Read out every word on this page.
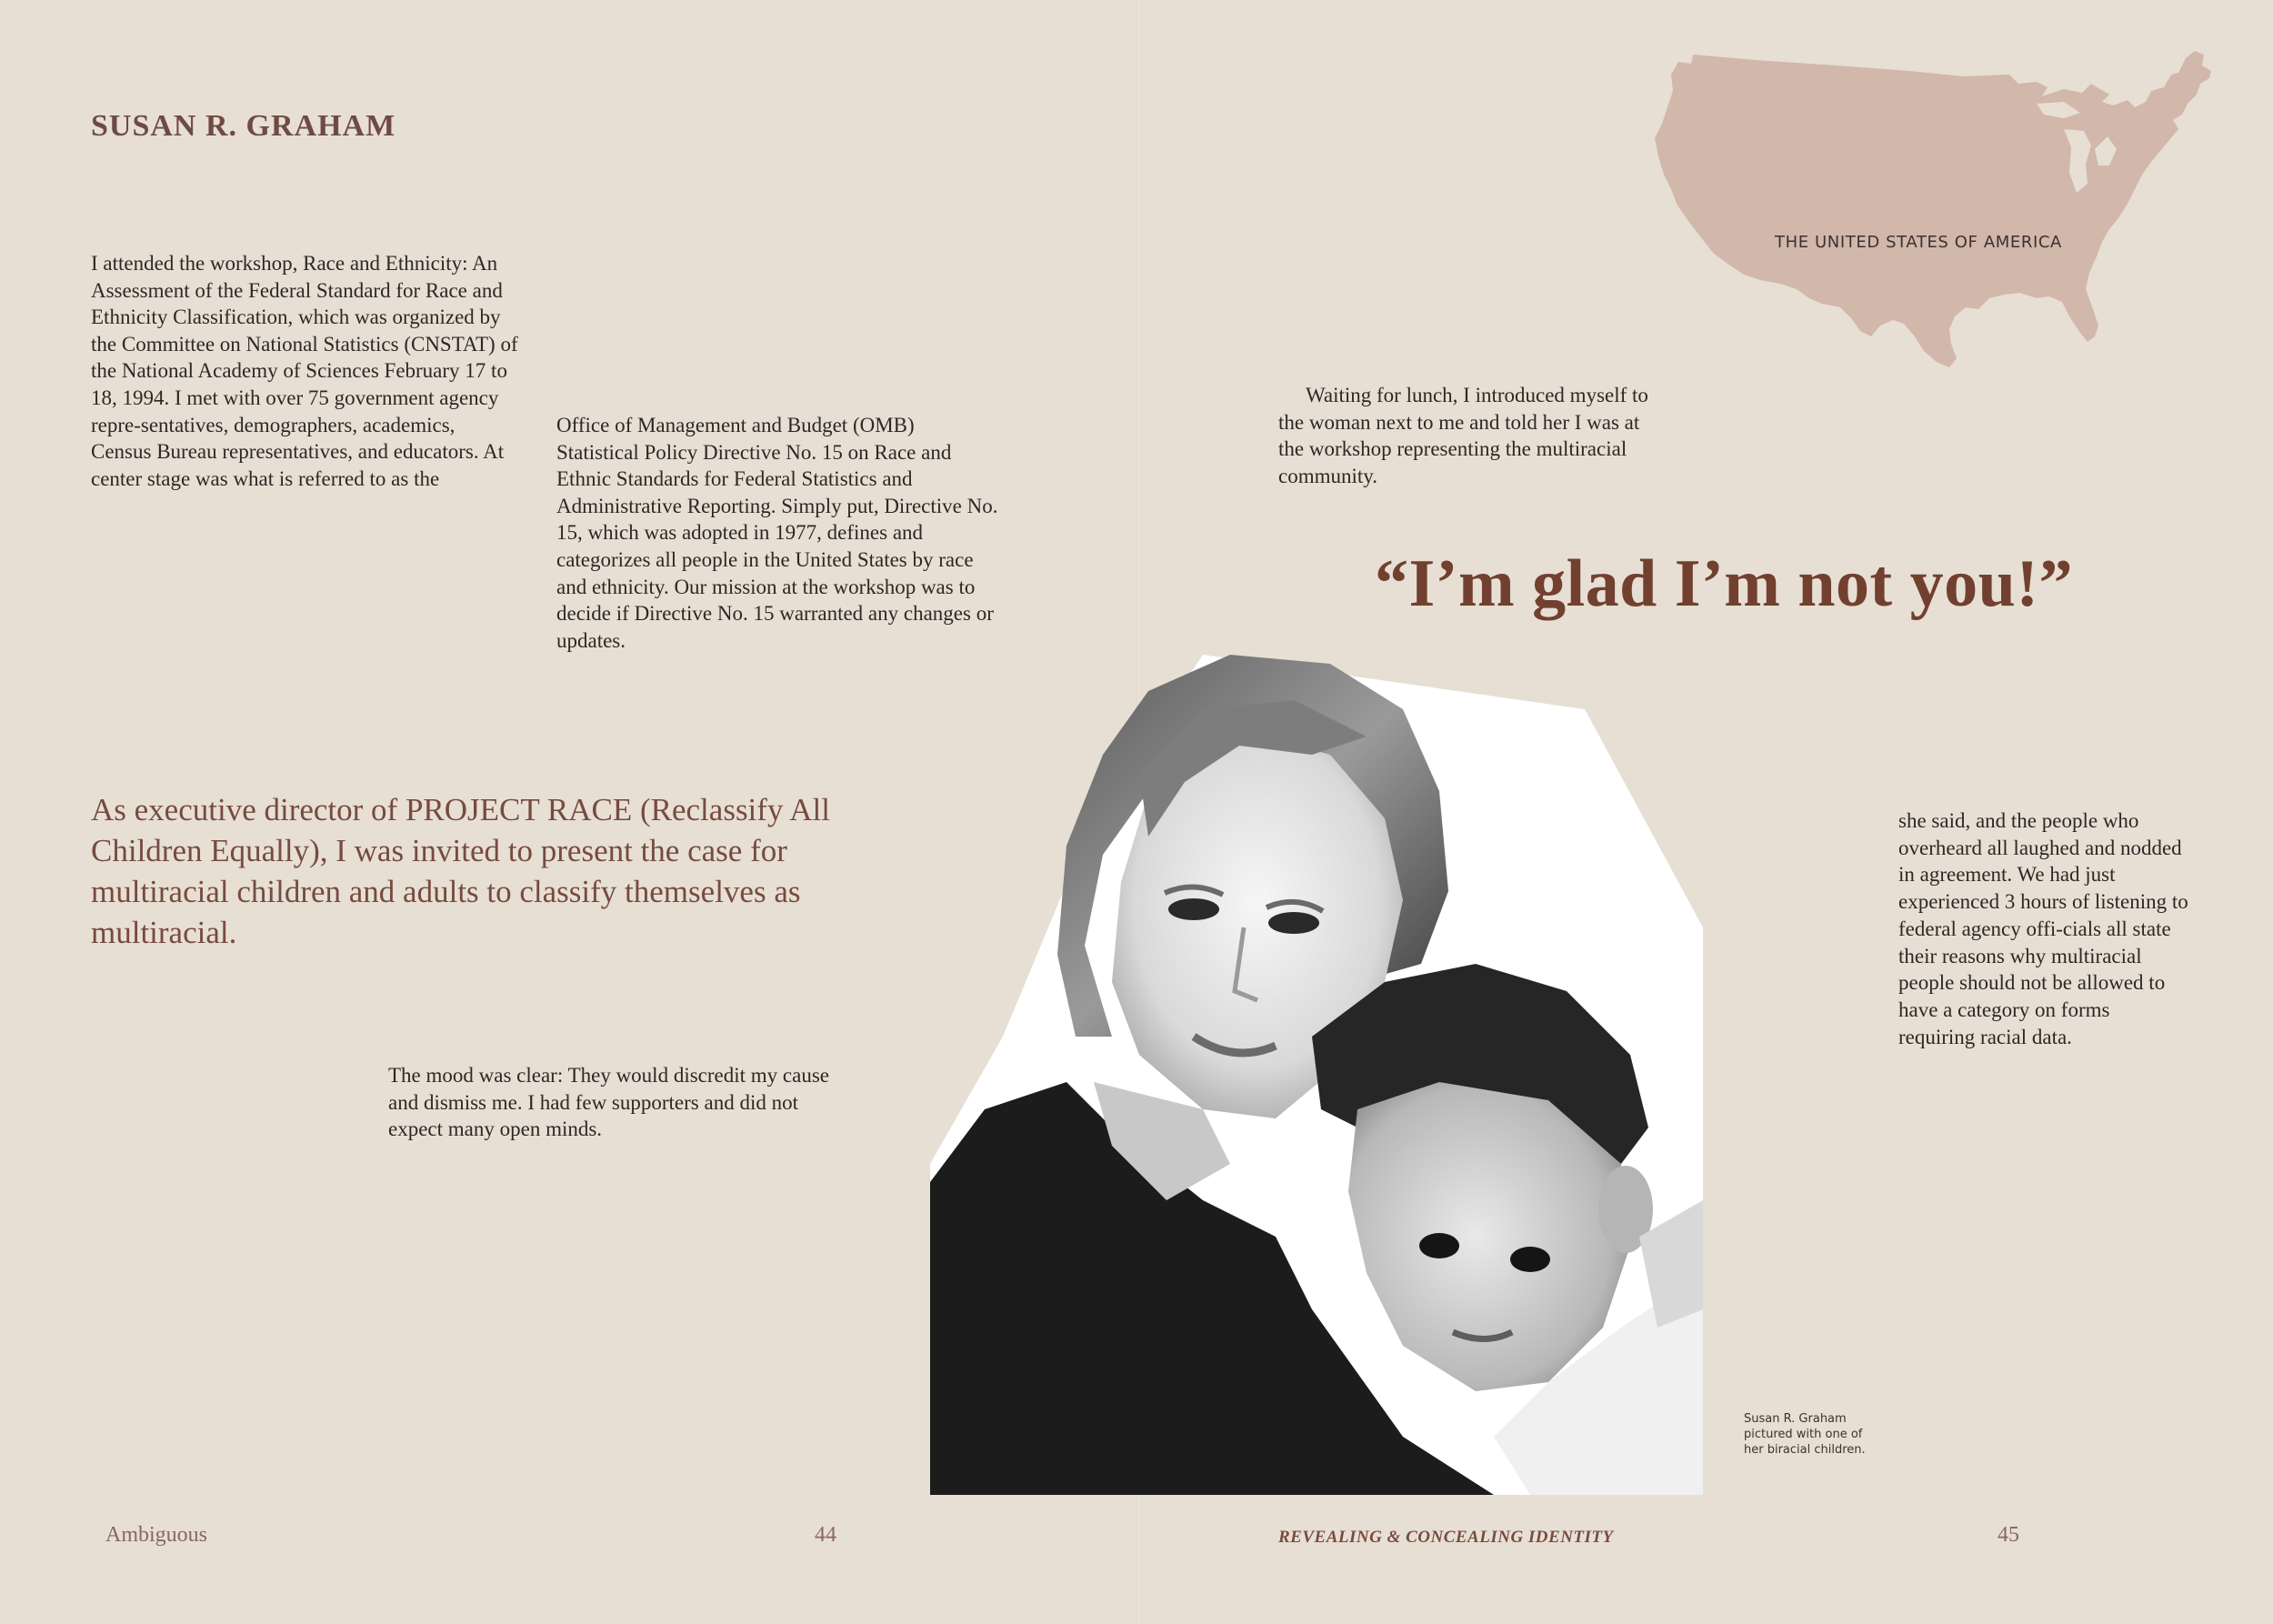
SUSAN R. GRAHAM

I attended the workshop, Race and Ethnicity: An Assessment of the Federal Standard for Race and Ethnicity Classification, which was organized by the Committee on National Statistics (CNSTAT) of the National Academy of Sciences February 17 to 18, 1994. I met with over 75 government agency repre-sentatives, demographers, academics, Census Bureau representatives, and educators. At center stage was what is referred to as the

Office of Management and Budget (OMB) Statistical Policy Directive No. 15 on Race and Ethnic Standards for Federal Statistics and Administrative Reporting. Simply put, Directive No. 15, which was adopted in 1977, defines and categorizes all people in the United States by race and ethnicity. Our mission at the workshop was to decide if Directive No. 15 warranted any changes or updates.

As executive director of PROJECT RACE (Reclassify All Children Equally), I was invited to present the case for multiracial children and adults to classify themselves as multiracial.

The mood was clear: They would discredit my cause and dismiss me. I had few supporters and did not expect many open minds.

THE UNITED STATES OF AMERICA

Waiting for lunch, I introduced myself to the woman next to me and told her I was at the workshop representing the multiracial community.

“I’m glad I’m not you!”
Susan R. Graham pictured with one of her biracial children.

she said, and the people who overheard all laughed and nodded in agreement. We had just experienced 3 hours of listening to federal agency offi-cials all state their reasons why multiracial people should not be allowed to have a category on forms requiring racial data.

Ambiguous	44	REVEALING & CONCEALING IDENTITY	45
